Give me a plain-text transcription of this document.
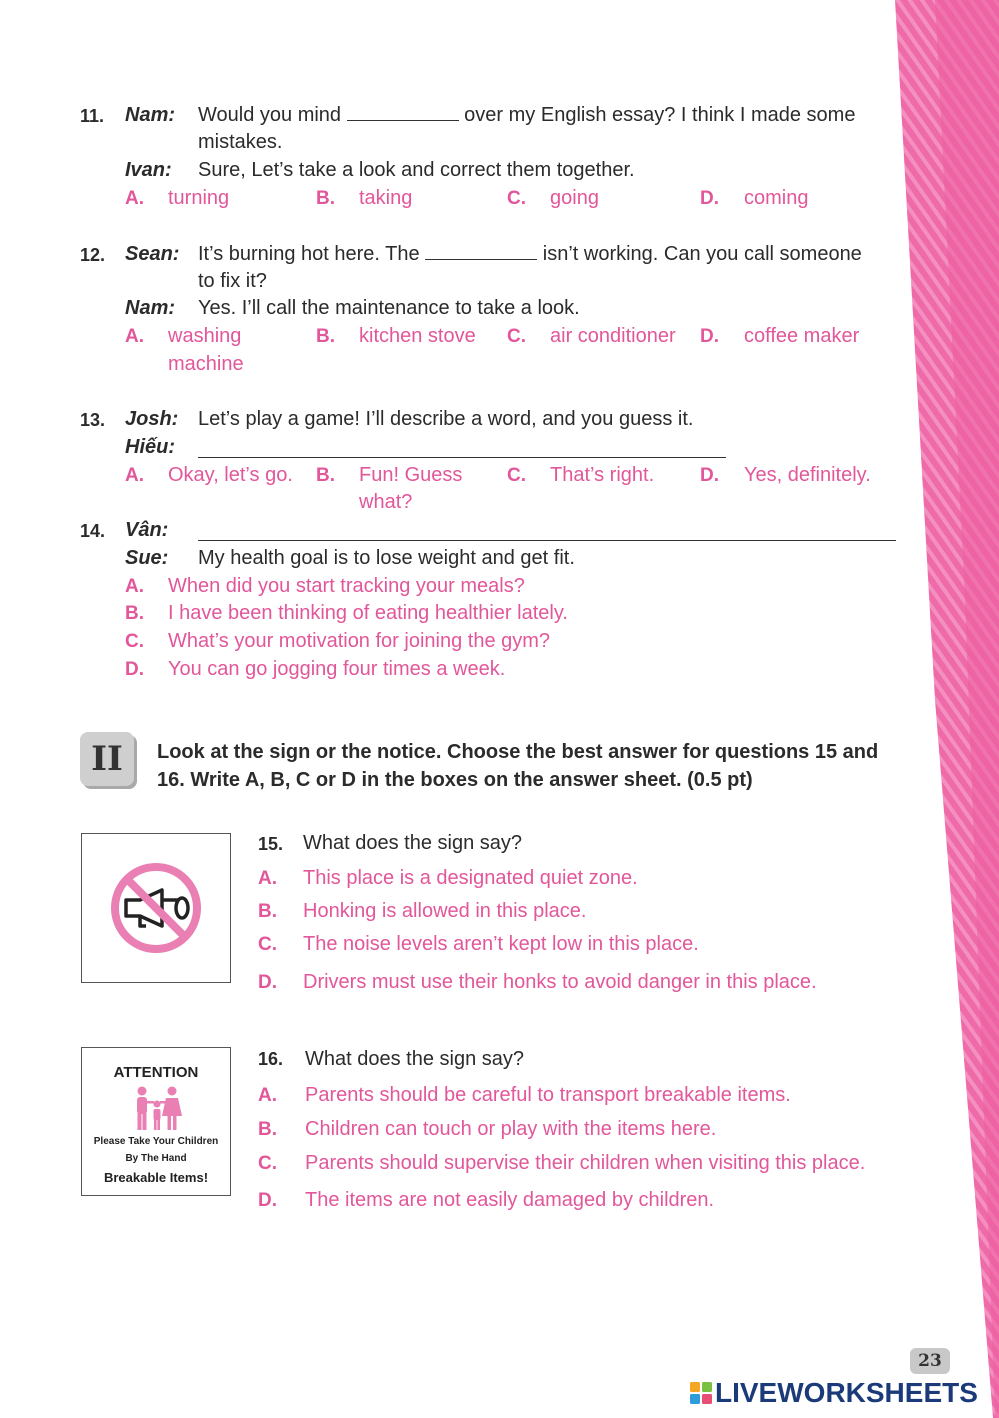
11. Nam: Would you mind	over my English essay? I think I made some
mistakes.
Ivan: Sure, Let’s take a look and correct them together.
A. turning	B. taking	C. going	D. coming
12. Sean: It’s burning hot here. The	isn’t working. Can you call someone
to fix it?
Nam: Yes. I’ll call the maintenance to take a look.
A. washing
machine
B. kitchen stove C. air conditioner D. coffee maker
13. Josh: Let’s play a game! I’ll describe a word, and you guess it.
Hiếu:
A. Okay, let’s go. B. Fun! Guess
what?
C. That’s right. D. Yes, definitely.
14. Vân:
Sue: My health goal is to lose weight and get fit.
A. When did you start tracking your meals?
B. I have been thinking of eating healthier lately.
C. What’s your motivation for joining the gym?
D. You can go jogging four times a week.
II	Look at the sign or the notice. Choose the best answer for questions 15 and
16. Write A, B, C or D in the boxes on the answer sheet. (0.5 pt)
15. What does the sign say?
A. This place is a designated quiet zone.
B. Honking is allowed in this place.
C. The noise levels aren’t kept low in this place.
D. Drivers must use their honks to avoid danger in this place.
ATTENTION
Please Take Your Children
By The Hand
Breakable Items!
16. What does the sign say?
A. Parents should be careful to transport breakable items.
B. Children can touch or play with the items here.
C. Parents should supervise their children when visiting this place.
D. The items are not easily damaged by children.
23
LIVEWORKSHEETS
